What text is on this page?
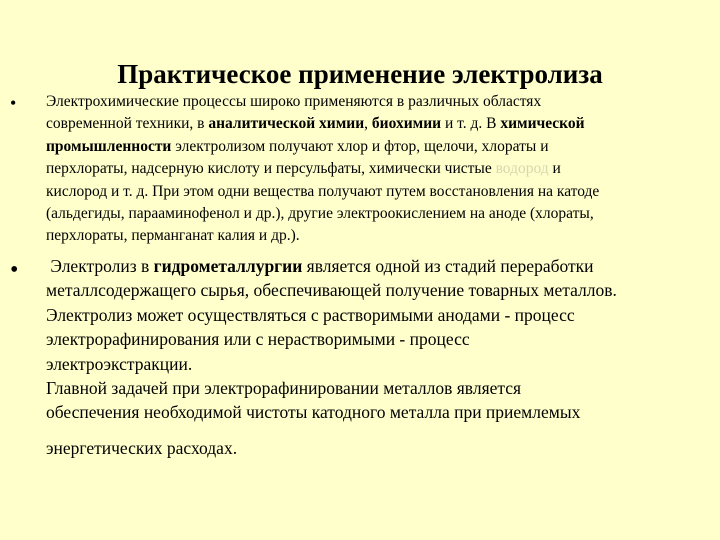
Практическое применение электролиза
• Электрохимические процессы широко применяются в различных областях
современной техники, в аналитической химии, биохимии и т. д. В химической
промышленности электролизом получают хлор и фтор, щелочи, хлораты и
перхлораты, надсерную кислоту и персульфаты, химически чистые водород и
кислород и т. д. При этом одни вещества получают путем восстановления на катоде
(альдегиды, парааминофенол и др.), другие электроокислением на аноде (хлораты,
перхлораты, перманганат калия и др.).
• Электролиз в гидрометаллургии является одной из стадий переработки
металлсодержащего сырья, обеспечивающей получение товарных металлов.
Электролиз может осуществляться с растворимыми анодами - процесс
электрорафинирования или с нерастворимыми - процесс
электроэкстракции.
Главной задачей при электрорафинировании металлов является
обеспечения необходимой чистоты катодного металла при приемлемых
энергетических расходах.
